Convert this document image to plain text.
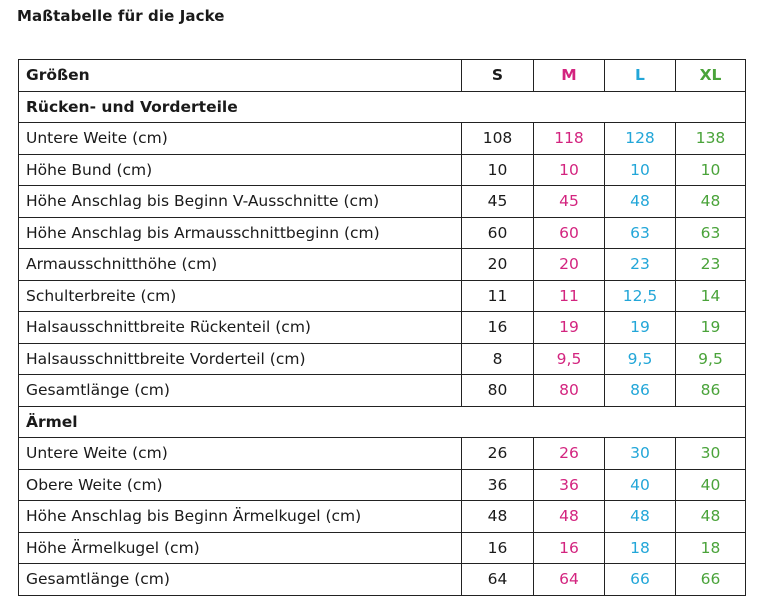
Maßtabelle für die Jacke
Größen	S	M	L	XL
Rücken- und Vorderteile				
Untere Weite (cm)	108	118	128	138
Höhe Bund (cm)	10	10	10	10
Höhe Anschlag bis Beginn V-Ausschnitte (cm)	45	45	48	48
Höhe Anschlag bis Armausschnittbeginn (cm)	60	60	63	63
Armausschnitthöhe (cm)	20	20	23	23
Schulterbreite (cm)	11	11	12,5	14
Halsausschnittbreite Rückenteil (cm)	16	19	19	19
Halsausschnittbreite Vorderteil (cm)	8	9,5	9,5	9,5
Gesamtlänge (cm)	80	80	86	86
Ärmel				
Untere Weite (cm)	26	26	30	30
Obere Weite (cm)	36	36	40	40
Höhe Anschlag bis Beginn Ärmelkugel (cm)	48	48	48	48
Höhe Ärmelkugel (cm)	16	16	18	18
Gesamtlänge (cm)	64	64	66	66
